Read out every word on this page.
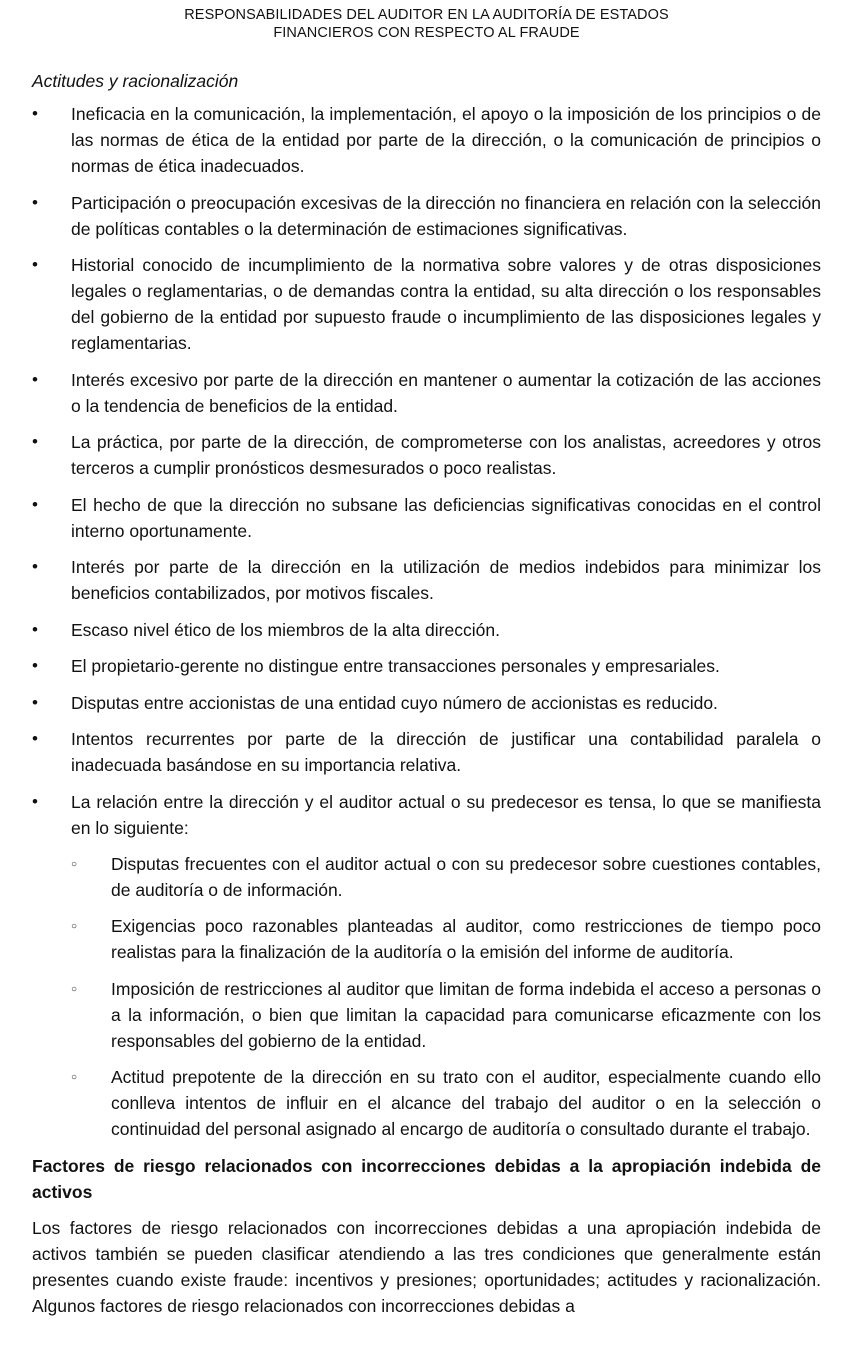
RESPONSABILIDADES DEL AUDITOR EN LA AUDITORÍA DE ESTADOS
FINANCIEROS CON RESPECTO AL FRAUDE
Actitudes y racionalización
• Ineficacia en la comunicación, la implementación, el apoyo o la imposición de los principios o de las normas de ética de la entidad por parte de la dirección, o la comunicación de principios o normas de ética inadecuados.
• Participación o preocupación excesivas de la dirección no financiera en relación con la selección de políticas contables o la determinación de estimaciones significativas.
• Historial conocido de incumplimiento de la normativa sobre valores y de otras disposiciones legales o reglamentarias, o de demandas contra la entidad, su alta dirección o los responsables del gobierno de la entidad por supuesto fraude o incumplimiento de las disposiciones legales y reglamentarias.
• Interés excesivo por parte de la dirección en mantener o aumentar la cotización de las acciones o la tendencia de beneficios de la entidad.
• La práctica, por parte de la dirección, de comprometerse con los analistas, acreedores y otros terceros a cumplir pronósticos desmesurados o poco realistas.
• El hecho de que la dirección no subsane las deficiencias significativas conocidas en el control interno oportunamente.
• Interés por parte de la dirección en la utilización de medios indebidos para minimizar los beneficios contabilizados, por motivos fiscales.
• Escaso nivel ético de los miembros de la alta dirección.
• El propietario-gerente no distingue entre transacciones personales y empresariales.
• Disputas entre accionistas de una entidad cuyo número de accionistas es reducido.
• Intentos recurrentes por parte de la dirección de justificar una contabilidad paralela o inadecuada basándose en su importancia relativa.
• La relación entre la dirección y el auditor actual o su predecesor es tensa, lo que se manifiesta en lo siguiente:
○ Disputas frecuentes con el auditor actual o con su predecesor sobre cuestiones contables, de auditoría o de información.
○ Exigencias poco razonables planteadas al auditor, como restricciones de tiempo poco realistas para la finalización de la auditoría o la emisión del informe de auditoría.
○ Imposición de restricciones al auditor que limitan de forma indebida el acceso a personas o a la información, o bien que limitan la capacidad para comunicarse eficazmente con los responsables del gobierno de la entidad.
○ Actitud prepotente de la dirección en su trato con el auditor, especialmente cuando ello conlleva intentos de influir en el alcance del trabajo del auditor o en la selección o continuidad del personal asignado al encargo de auditoría o consultado durante el trabajo.
Factores de riesgo relacionados con incorrecciones debidas a la apropiación indebida de activos
Los factores de riesgo relacionados con incorrecciones debidas a una apropiación indebida de activos también se pueden clasificar atendiendo a las tres condiciones que generalmente están presentes cuando existe fraude: incentivos y presiones; oportunidades; actitudes y racionalización. Algunos factores de riesgo relacionados con incorrecciones debidas a
